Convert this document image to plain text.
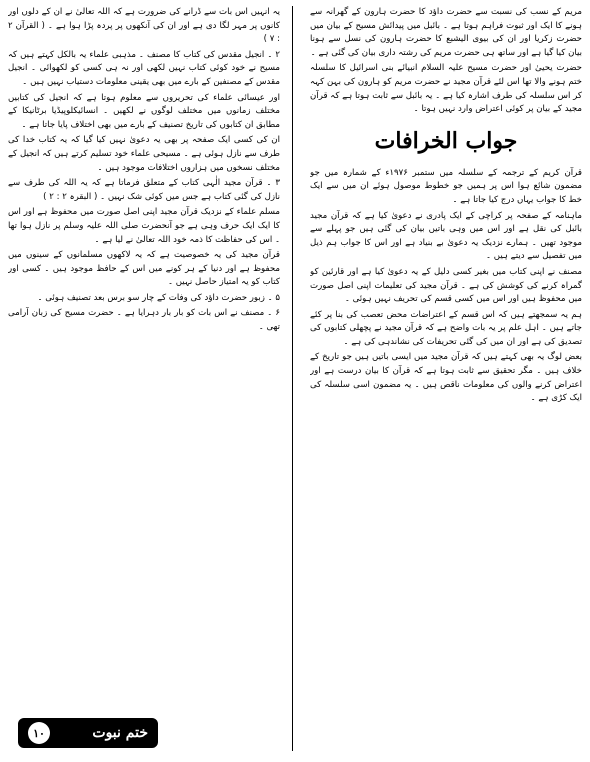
مریم کے نسب کی نسبت سے حضرت داؤد کا حضرت ہارون کے گھرانہ سے ہونے کا ایک اور ثبوت فراہم ہوتا ہے ۔ بائبل میں پیدائش مسیح کے بیان میں حضرت زکریا اور ان کی بیوی الیشبع کا حضرت ہارون کی نسل سے ہونا بیان کیا گیا ہے اور ساتھ ہی حضرت مریم کی رشتہ داری بیان کی گئی ہے ۔

حضرت یحییٰ اور حضرت مسیح علیہ السلام انبیائے بنی اسرائیل کا سلسلہ ختم ہونے والا تھا اس لئے قرآن مجید نے حضرت مریم کو ہارون کی بہن کہہ کر اس سلسلہ کی طرف اشارہ کیا ہے ۔ یہ بائبل سے ثابت ہوتا ہے کہ قرآن مجید کے بیان پر کوئی اعتراض وارد نہیں ہوتا ۔

جواب الخرافات

قرآن کریم کے ترجمہ کے سلسلہ میں ستمبر ۱۹۷۶ء کے شمارہ میں جو مضمون شائع ہوا اس پر ہمیں جو خطوط موصول ہوئے ان میں سے ایک خط کا جواب یہاں درج کیا جاتا ہے ۔

ماہنامہ کے صفحہ پر کراچی کے ایک پادری نے دعویٰ کیا ہے کہ قرآن مجید بائبل کی نقل ہے اور اس میں وہی باتیں بیان کی گئی ہیں جو پہلے سے موجود تھیں ۔ ہمارے نزدیک یہ دعویٰ بے بنیاد ہے اور اس کا جواب ہم ذیل میں تفصیل سے دیتے ہیں ۔

مصنف نے اپنی کتاب میں بغیر کسی دلیل کے یہ دعویٰ کیا ہے اور قارئین کو گمراہ کرنے کی کوشش کی ہے ۔ قرآن مجید کی تعلیمات اپنی اصل صورت میں محفوظ ہیں اور اس میں کسی قسم کی تحریف نہیں ہوئی ۔

ہم یہ سمجھتے ہیں کہ اس قسم کے اعتراضات محض تعصب کی بنا پر کئے جاتے ہیں ۔ اہل علم پر یہ بات واضح ہے کہ قرآن مجید نے پچھلی کتابوں کی تصدیق کی ہے اور ان میں کی گئی تحریفات کی نشاندہی کی ہے ۔

بعض لوگ یہ بھی کہتے ہیں کہ قرآن مجید میں ایسی باتیں ہیں جو تاریخ کے خلاف ہیں ۔ مگر تحقیق سے ثابت ہوتا ہے کہ قرآن کا بیان درست ہے اور اعتراض کرنے والوں کی معلومات ناقص ہیں ۔ یہ مضمون اسی سلسلہ کی ایک کڑی ہے ۔

یہ انہیں اس بات سے ڈرانے کی ضرورت ہے کہ اللہ تعالیٰ نے ان کے دلوں اور کانوں پر مہر لگا دی ہے اور ان کی آنکھوں پر پردہ پڑا ہوا ہے ۔ ( القرآن ۲ : ۷ )

۲ ۔ انجیل مقدس کی کتاب کا مصنف ۔ مذہبی علماء یہ بالکل کہتے ہیں کہ مسیح نے خود کوئی کتاب نہیں لکھی اور نہ ہی کسی کو لکھوائی ۔ انجیل مقدس کے مصنفین کے بارے میں بھی یقینی معلومات دستیاب نہیں ہیں ۔

اور عیسائی علماء کی تحریروں سے معلوم ہوتا ہے کہ انجیل کی کتابیں مختلف زمانوں میں مختلف لوگوں نے لکھیں ۔ انسائیکلوپیڈیا برٹانیکا کے مطابق ان کتابوں کی تاریخ تصنیف کے بارے میں بھی اختلاف پایا جاتا ہے ۔

ان کی کسی ایک صفحہ پر بھی یہ دعویٰ نہیں کیا گیا کہ یہ کتاب خدا کی طرف سے نازل ہوئی ہے ۔ مسیحی علماء خود تسلیم کرتے ہیں کہ انجیل کے مختلف نسخوں میں ہزاروں اختلافات موجود ہیں ۔

۳ ۔ قرآن مجید الٰہی کتاب کے متعلق فرماتا ہے کہ یہ اللہ کی طرف سے نازل کی گئی کتاب ہے جس میں کوئی شک نہیں ۔ ( البقرہ ۲ : ۲ )

مسلم علماء کے نزدیک قرآن مجید اپنی اصل صورت میں محفوظ ہے اور اس کا ایک ایک حرف وہی ہے جو آنحضرت صلی اللہ علیہ وسلم پر نازل ہوا تھا ۔ اس کی حفاظت کا ذمہ خود اللہ تعالیٰ نے لیا ہے ۔

قرآن مجید کی یہ خصوصیت ہے کہ یہ لاکھوں مسلمانوں کے سینوں میں محفوظ ہے اور دنیا کے ہر کونے میں اس کے حافظ موجود ہیں ۔ کسی اور کتاب کو یہ امتیاز حاصل نہیں ۔

۵ ۔ زبور حضرت داؤد کی وفات کے چار سو برس بعد تصنیف ہوئی ۔

۶ ۔ مصنف نے اس بات کو بار بار دہرایا ہے ۔ حضرت مسیح کی زبان آرامی تھی ۔

۱۰	ختم نبوت
